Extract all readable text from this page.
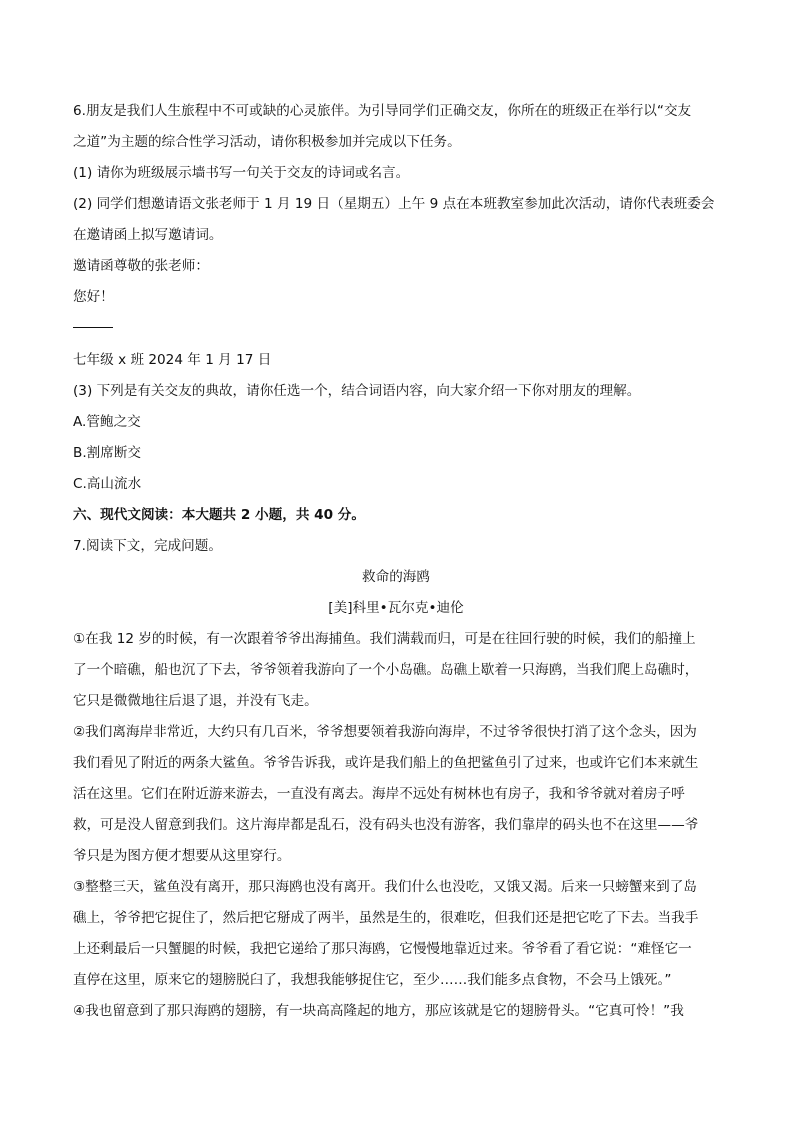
6.朋友是我们人生旅程中不可或缺的心灵旅伴。为引导同学们正确交友，你所在的班级正在举行以“交友
之道”为主题的综合性学习活动，请你积极参加并完成以下任务。
(1) 请你为班级展示墙书写一句关于交友的诗词或名言。
(2) 同学们想邀请语文张老师于 1 月 19 日（星期五）上午 9 点在本班教室参加此次活动，请你代表班委会
在邀请函上拟写邀请词。
邀请函尊敬的张老师：
您好！
七年级 x 班 2024 年 1 月 17 日
(3) 下列是有关交友的典故，请你任选一个，结合词语内容，向大家介绍一下你对朋友的理解。
A.管鲍之交
B.割席断交
C.高山流水
六、现代文阅读：本大题共 2 小题，共 40 分。
7.阅读下文，完成问题。
救命的海鸥
[美]科里•瓦尔克•迪伦
①在我 12 岁的时候，有一次跟着爷爷出海捕鱼。我们满载而归，可是在往回行驶的时候，我们的船撞上
了一个暗礁，船也沉了下去，爷爷领着我游向了一个小岛礁。岛礁上歇着一只海鸥，当我们爬上岛礁时，
它只是微微地往后退了退，并没有飞走。
②我们离海岸非常近，大约只有几百米，爷爷想要领着我游向海岸，不过爷爷很快打消了这个念头，因为
我们看见了附近的两条大鲨鱼。爷爷告诉我，或许是我们船上的鱼把鲨鱼引了过来，也或许它们本来就生
活在这里。它们在附近游来游去，一直没有离去。海岸不远处有树林也有房子，我和爷爷就对着房子呼
救，可是没人留意到我们。这片海岸都是乱石，没有码头也没有游客，我们靠岸的码头也不在这里——爷
爷只是为图方便才想要从这里穿行。
③整整三天，鲨鱼没有离开，那只海鸥也没有离开。我们什么也没吃，又饿又渴。后来一只螃蟹来到了岛
礁上，爷爷把它捉住了，然后把它掰成了两半，虽然是生的，很难吃，但我们还是把它吃了下去。当我手
上还剩最后一只蟹腿的时候，我把它递给了那只海鸥，它慢慢地靠近过来。爷爷看了看它说：“难怪它一
直停在这里，原来它的翅膀脱臼了，我想我能够捉住它，至少……我们能多点食物，不会马上饿死。”
④我也留意到了那只海鸥的翅膀，有一块高高隆起的地方，那应该就是它的翅膀骨头。“它真可怜！”我
